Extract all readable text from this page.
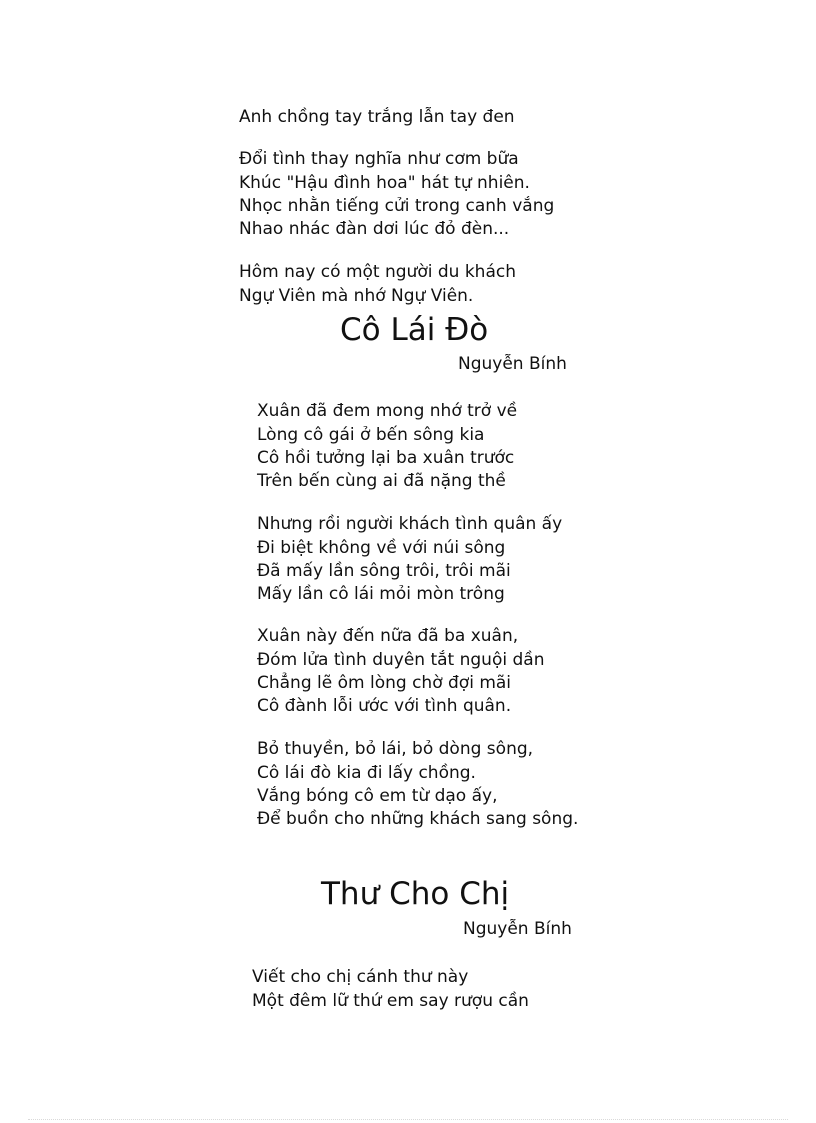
Anh chồng tay trắng lẫn tay đen
Đổi tình thay nghĩa như cơm bữa
Khúc "Hậu đình hoa" hát tự nhiên.
Nhọc nhằn tiếng cửi trong canh vắng
Nhao nhác đàn dơi lúc đỏ đèn...
Hôm nay có một người du khách
Ngự Viên mà nhớ Ngự Viên.
Cô Lái Đò
Nguyễn Bính
Xuân đã đem mong nhớ trở về
Lòng cô gái ở bến sông kia
Cô hồi tưởng lại ba xuân trước
Trên bến cùng ai đã nặng thề
Nhưng rồi người khách tình quân ấy
Đi biệt không về với núi sông
Đã mấy lần sông trôi, trôi mãi
Mấy lần cô lái mỏi mòn trông
Xuân này đến nữa đã ba xuân,
Đóm lửa tình duyên tắt nguội dần
Chẳng lẽ ôm lòng chờ đợi mãi
Cô đành lỗi ước với tình quân.
Bỏ thuyền, bỏ lái, bỏ dòng sông,
Cô lái đò kia đi lấy chồng.
Vắng bóng cô em từ dạo ấy,
Để buồn cho những khách sang sông.
Thư Cho Chị
Nguyễn Bính
Viết cho chị cánh thư này
Một đêm lữ thứ em say rượu cần
